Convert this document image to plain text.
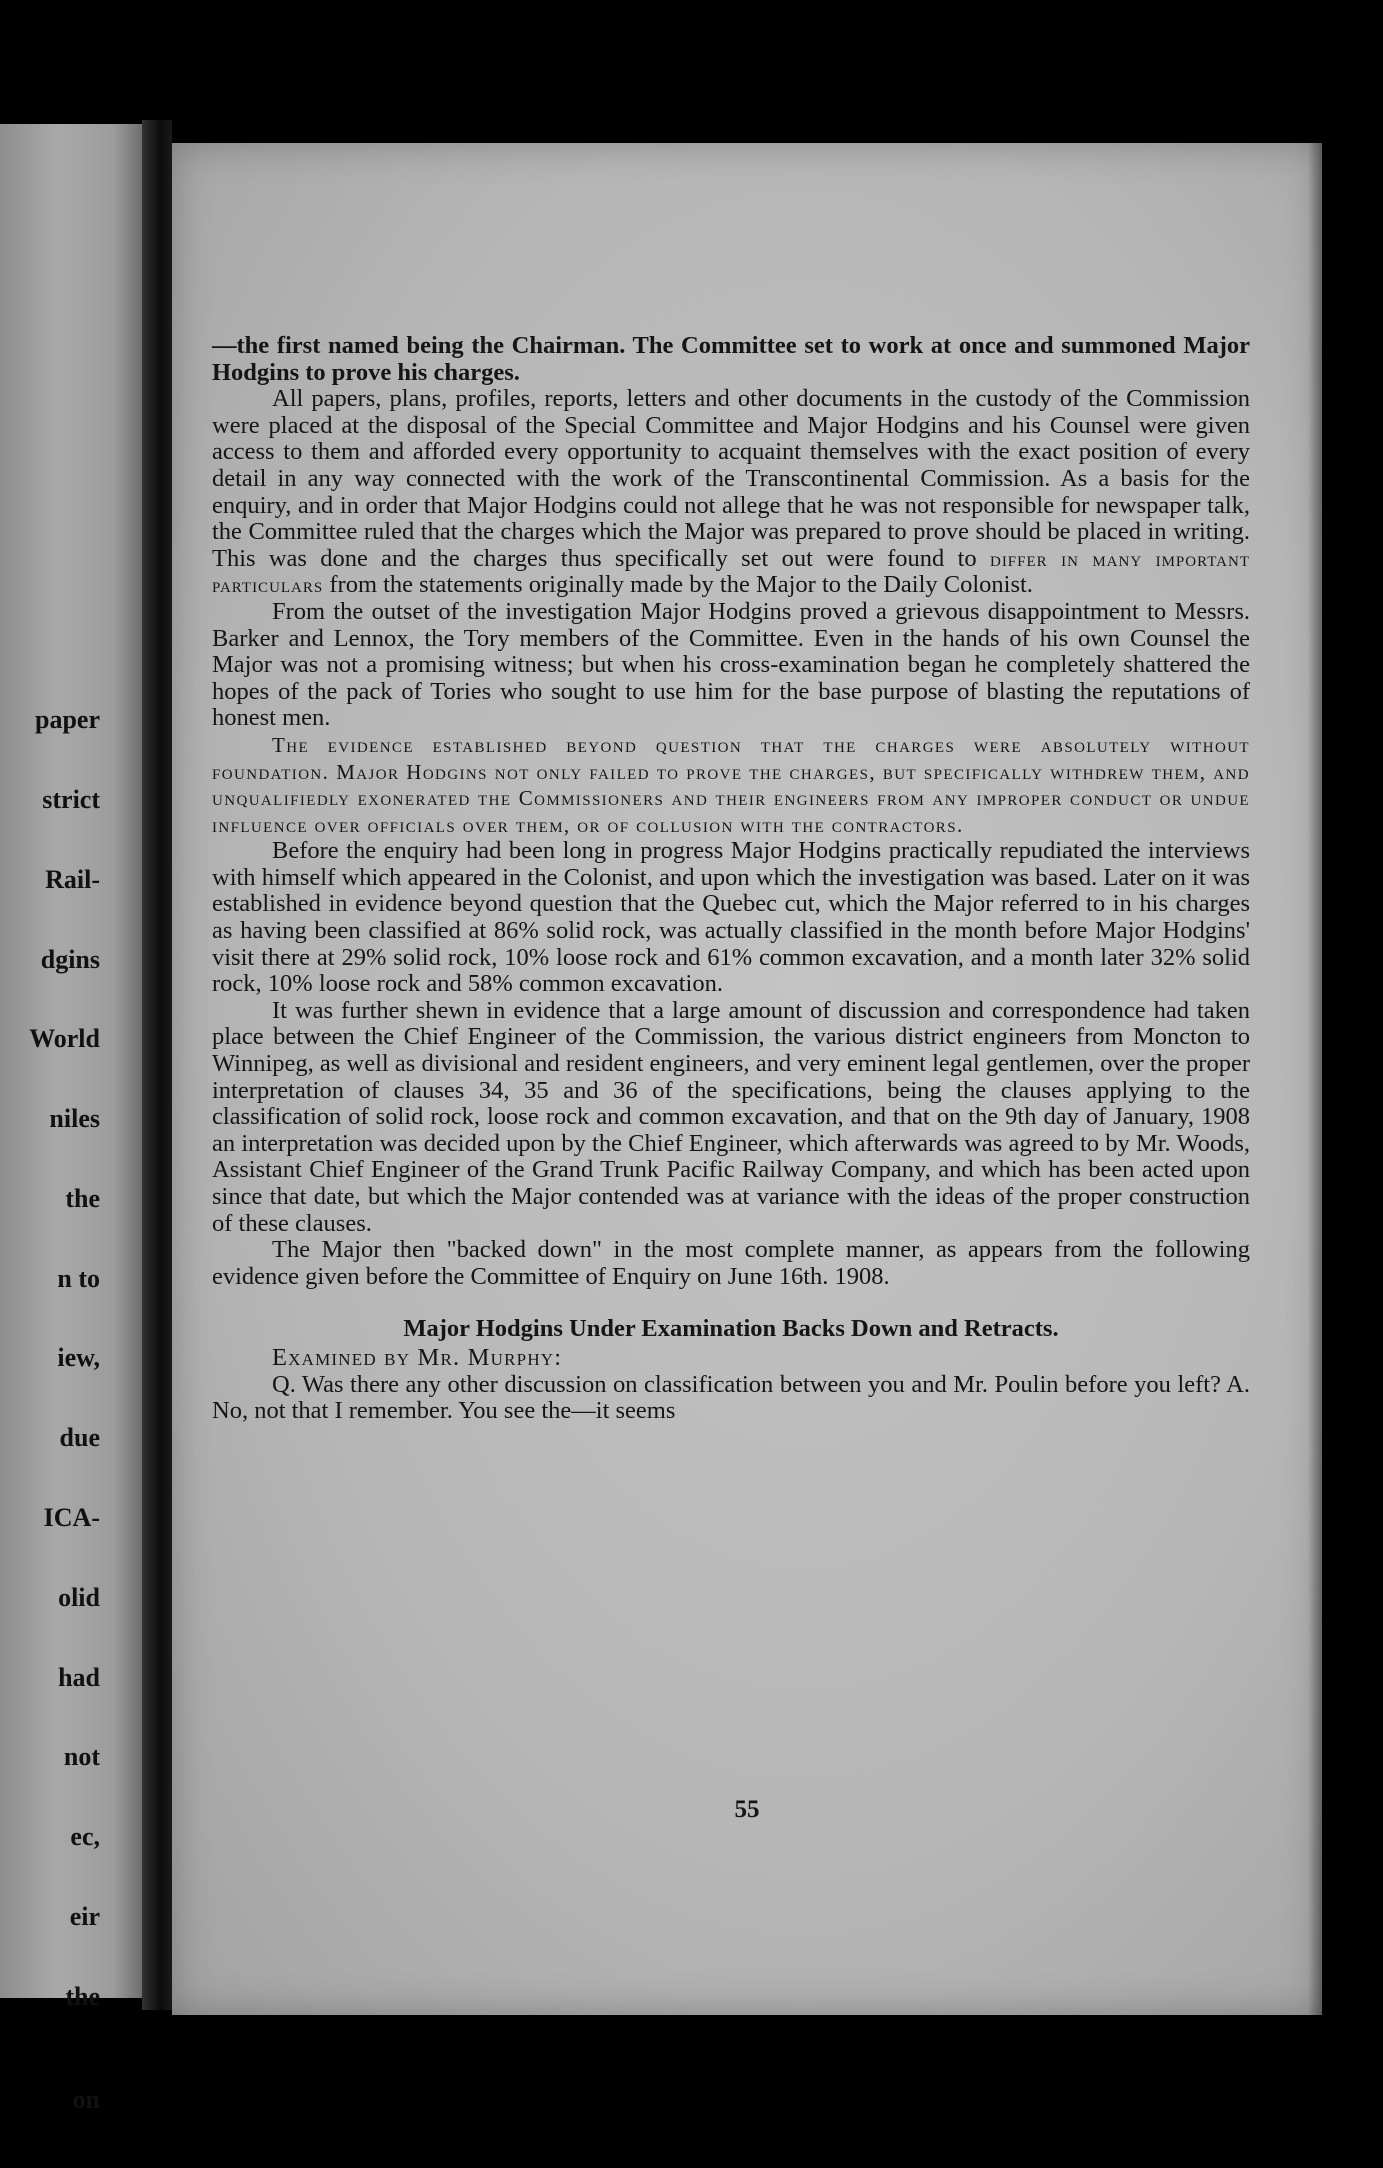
paper

strict

Rail-

dgins

World

niles

the

n to

iew,

due

ICA-

olid

had

not

ec,

eir

the

on

—the first named being the Chairman. The Committee set to work at once and summoned Major Hodgins to prove his charges.

All papers, plans, profiles, reports, letters and other documents in the custody of the Commission were placed at the disposal of the Special Committee and Major Hodgins and his Counsel were given access to them and afforded every opportunity to acquaint themselves with the exact position of every detail in any way connected with the work of the Transcontinental Commission. As a basis for the enquiry, and in order that Major Hodgins could not allege that he was not responsible for newspaper talk, the Committee ruled that the charges which the Major was prepared to prove should be placed in writing. This was done and the charges thus specifically set out were found to differ in many important particulars from the statements originally made by the Major to the Daily Colonist.

From the outset of the investigation Major Hodgins proved a grievous disappointment to Messrs. Barker and Lennox, the Tory members of the Committee. Even in the hands of his own Counsel the Major was not a promising witness; but when his cross-examination began he completely shattered the hopes of the pack of Tories who sought to use him for the base purpose of blasting the reputations of honest men.

The evidence established beyond question that the charges were absolutely without foundation. Major Hodgins not only failed to prove the charges, but specifically withdrew them, and unqualifiedly exonerated the Commissioners and their engineers from any improper conduct or undue influence over officials over them, or of collusion with the contractors.

Before the enquiry had been long in progress Major Hodgins practically repudiated the interviews with himself which appeared in the Colonist, and upon which the investigation was based. Later on it was established in evidence beyond question that the Quebec cut, which the Major referred to in his charges as having been classified at 86% solid rock, was actually classified in the month before Major Hodgins' visit there at 29% solid rock, 10% loose rock and 61% common excavation, and a month later 32% solid rock, 10% loose rock and 58% common excavation.

It was further shewn in evidence that a large amount of discussion and correspondence had taken place between the Chief Engineer of the Commission, the various district engineers from Moncton to Winnipeg, as well as divisional and resident engineers, and very eminent legal gentlemen, over the proper interpretation of clauses 34, 35 and 36 of the specifications, being the clauses applying to the classification of solid rock, loose rock and common excavation, and that on the 9th day of January, 1908 an interpretation was decided upon by the Chief Engineer, which afterwards was agreed to by Mr. Woods, Assistant Chief Engineer of the Grand Trunk Pacific Railway Company, and which has been acted upon since that date, but which the Major contended was at variance with the ideas of the proper construction of these clauses.

The Major then "backed down" in the most complete manner, as appears from the following evidence given before the Committee of Enquiry on June 16th. 1908.

Major Hodgins Under Examination Backs Down and Retracts.

Examined by Mr. Murphy:

Q. Was there any other discussion on classification between you and Mr. Poulin before you left? A. No, not that I remember. You see the—it seems

55
